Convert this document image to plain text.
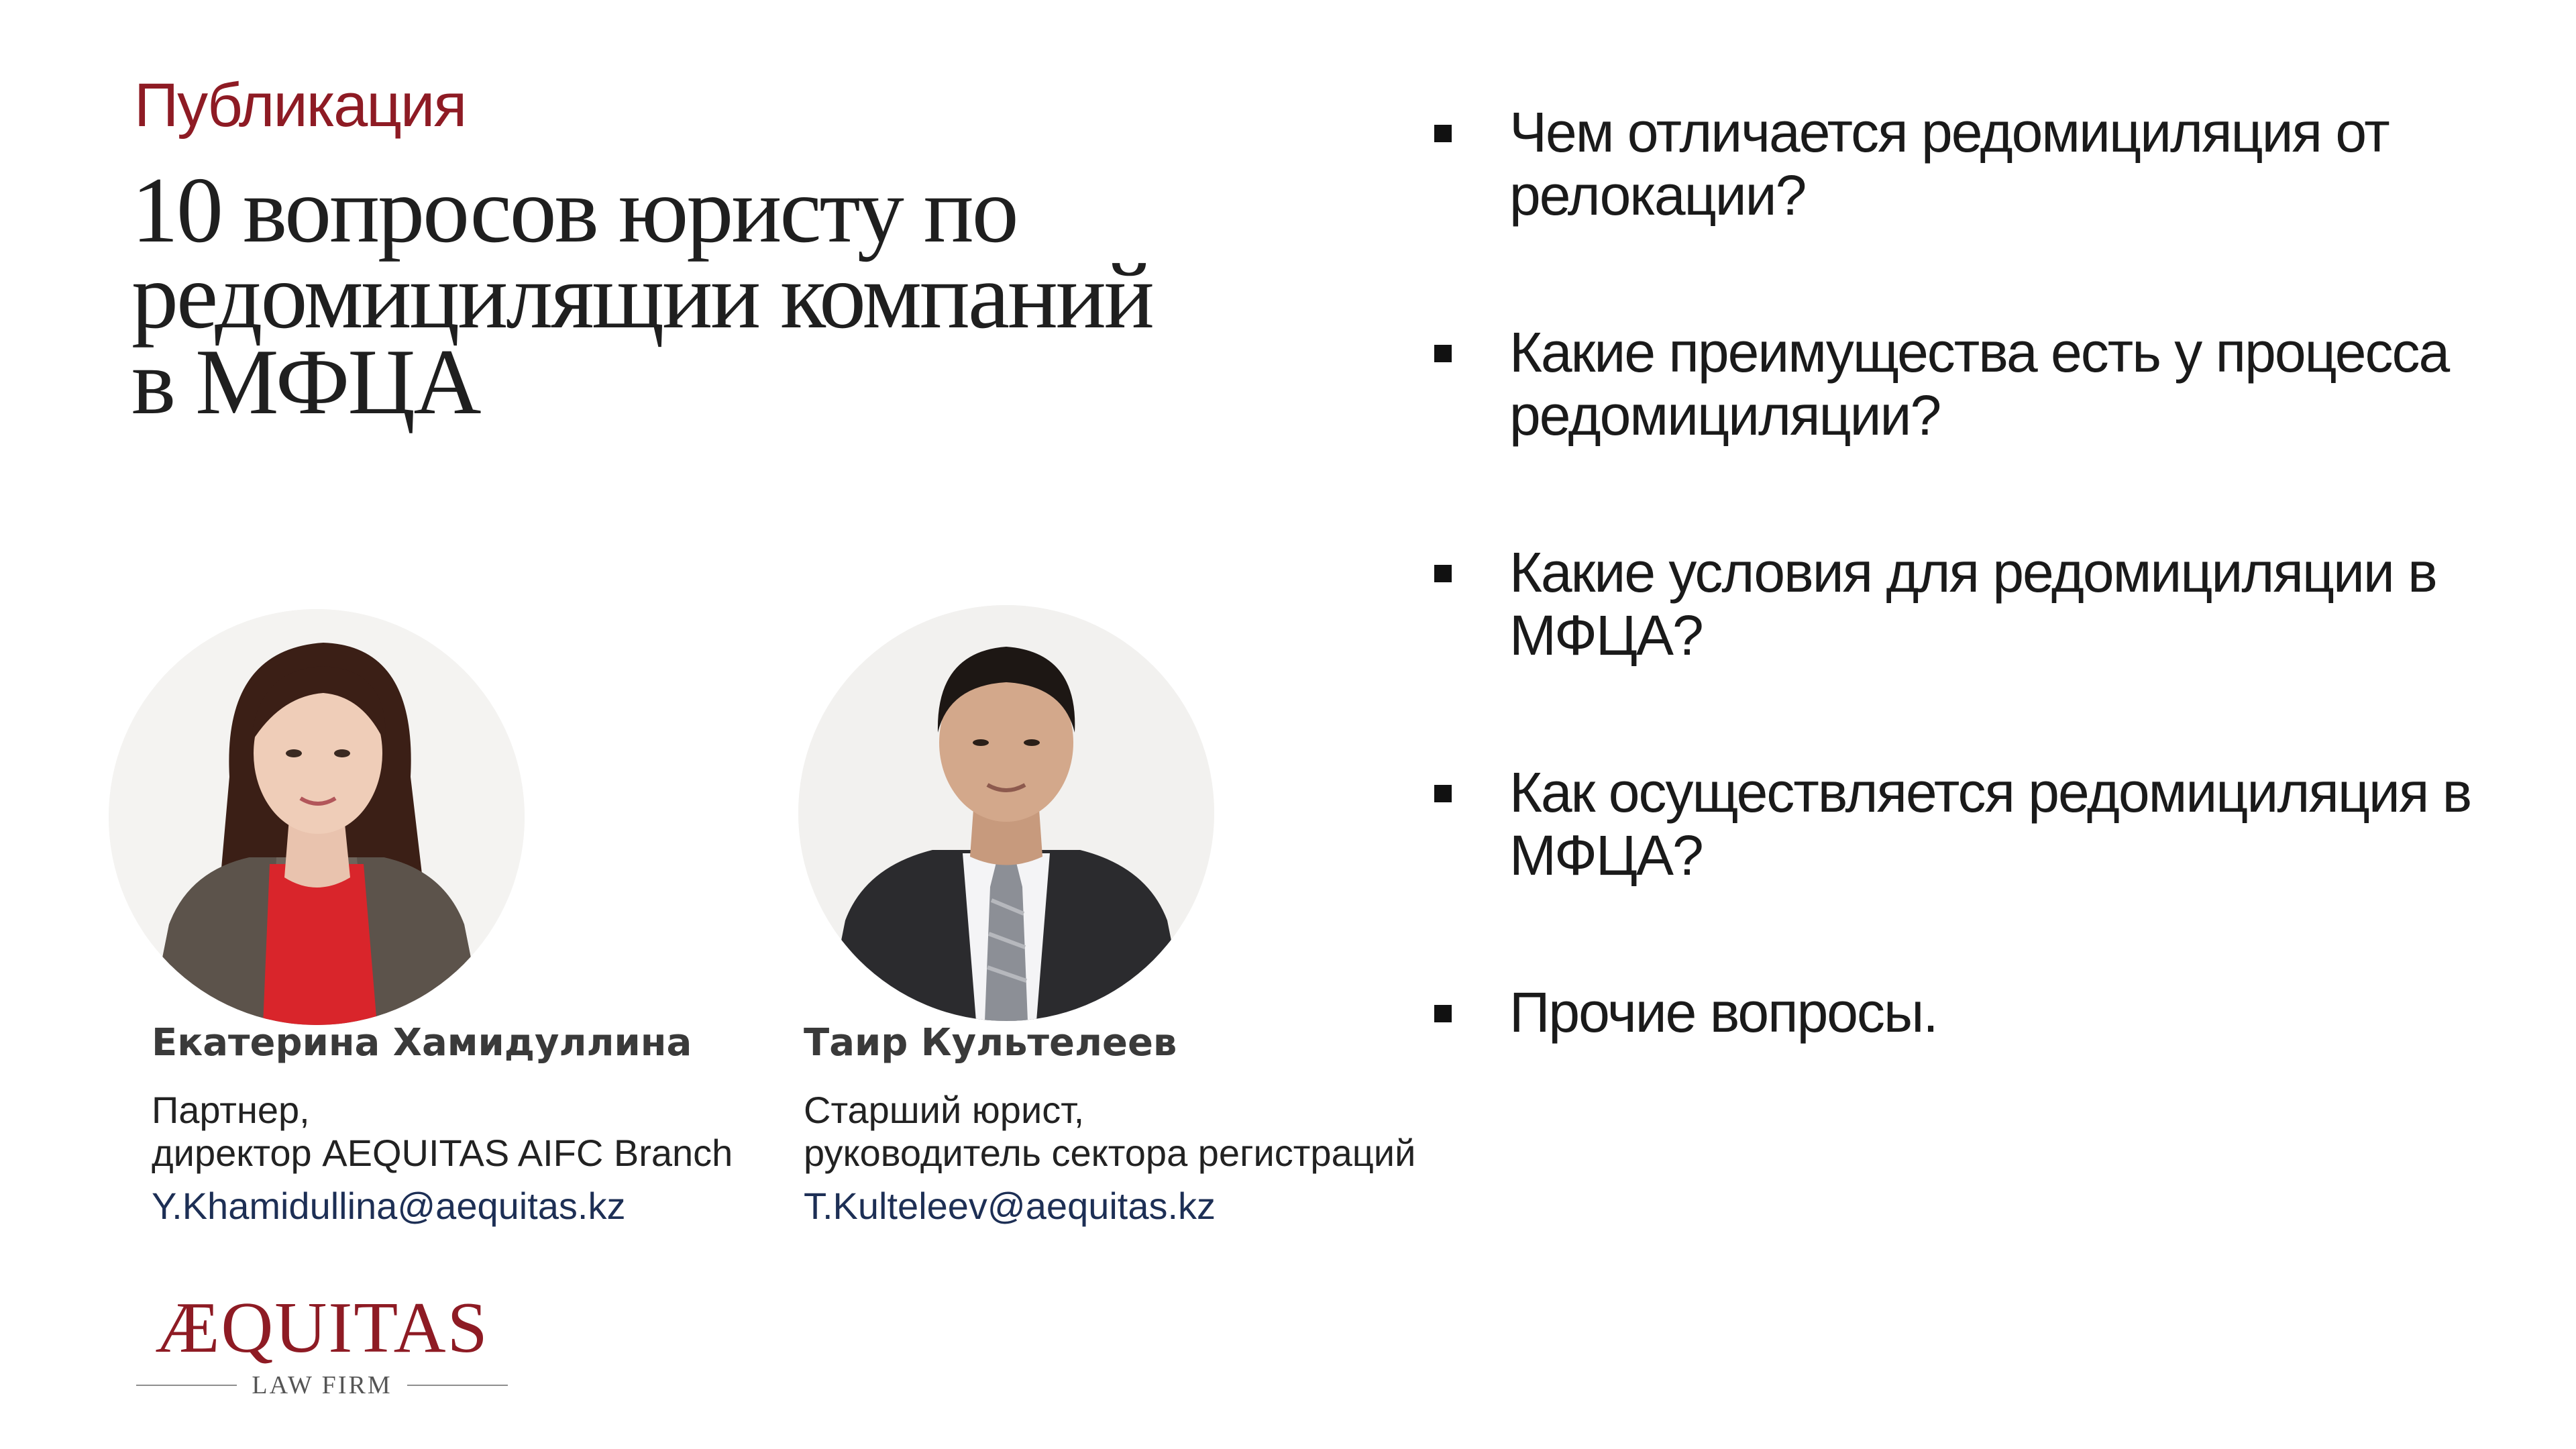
Публикация
10 вопросов юристу по
редомицилящии компаний
в МФЦА
Екатерина Хамидуллина
Партнер,
директор AEQUITAS AIFC Branch
Y.Khamidullina@aequitas.kz
Таир Культелеев
Старший юрист,
руководитель сектора регистраций
T.Kulteleev@aequitas.kz
Чем отличается редомициляция от релокации?
Какие преимущества есть у процесса редомициляции?
Какие условия для редомициляции в МФЦА?
Как осуществляется редомициляция в МФЦА?
Прочие вопросы.
ÆQUITAS
LAW FIRM
